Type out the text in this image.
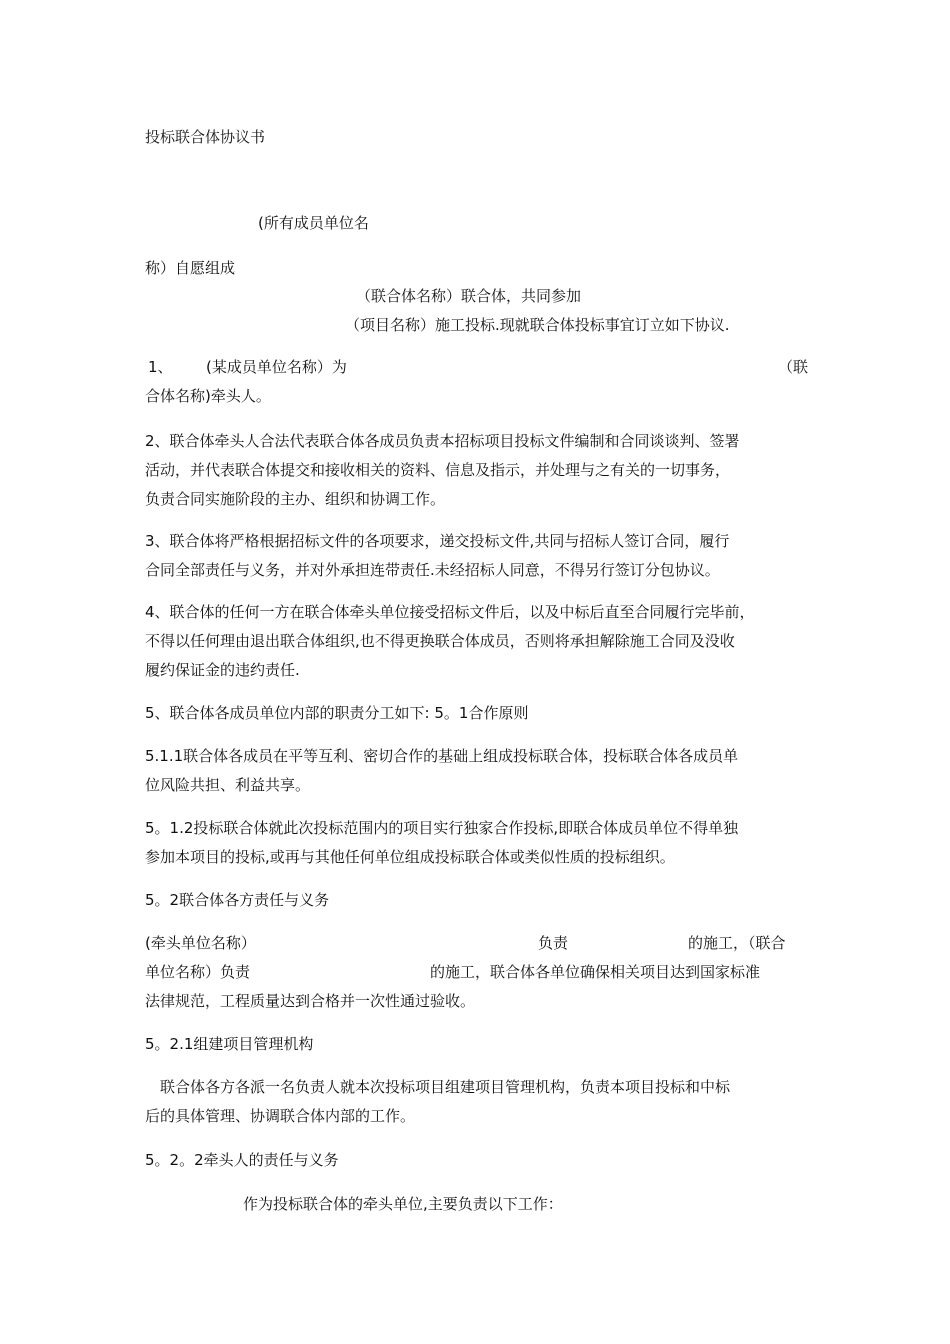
投标联合体协议书
(所有成员单位名
称）自愿组成
（联合体名称）联合体，共同参加
（项目名称）施工投标.现就联合体投标事宜订立如下协议.
1、 (某成员单位名称）为	（联
合体名称)牵头人。
2、联合体牵头人合法代表联合体各成员负责本招标项目投标文件编制和合同谈谈判、签署
活动，并代表联合体提交和接收相关的资料、信息及指示，并处理与之有关的一切事务，
负责合同实施阶段的主办、组织和协调工作。
3、联合体将严格根据招标文件的各项要求，递交投标文件,共同与招标人签订合同，履行
合同全部责任与义务，并对外承担连带责任.未经招标人同意，不得另行签订分包协议。
4、联合体的任何一方在联合体牵头单位接受招标文件后，以及中标后直至合同履行完毕前，
不得以任何理由退出联合体组织,也不得更换联合体成员，否则将承担解除施工合同及没收
履约保证金的违约责任.
5、联合体各成员单位内部的职责分工如下: 5。1合作原则
5.1.1联合体各成员在平等互利、密切合作的基础上组成投标联合体，投标联合体各成员单
位风险共担、利益共享。
5。1.2投标联合体就此次投标范围内的项目实行独家合作投标,即联合体成员单位不得单独
参加本项目的投标,或再与其他任何单位组成投标联合体或类似性质的投标组织。
5。2联合体各方责任与义务
(牵头单位名称）	负责	的施工，（联合
单位名称）负责	的施工，联合体各单位确保相关项目达到国家标准
法律规范，工程质量达到合格并一次性通过验收。
5。2.1组建项目管理机构
联合体各方各派一名负责人就本次投标项目组建项目管理机构，负责本项目投标和中标
后的具体管理、协调联合体内部的工作。
5。2。2牵头人的责任与义务
作为投标联合体的牵头单位,主要负责以下工作：
